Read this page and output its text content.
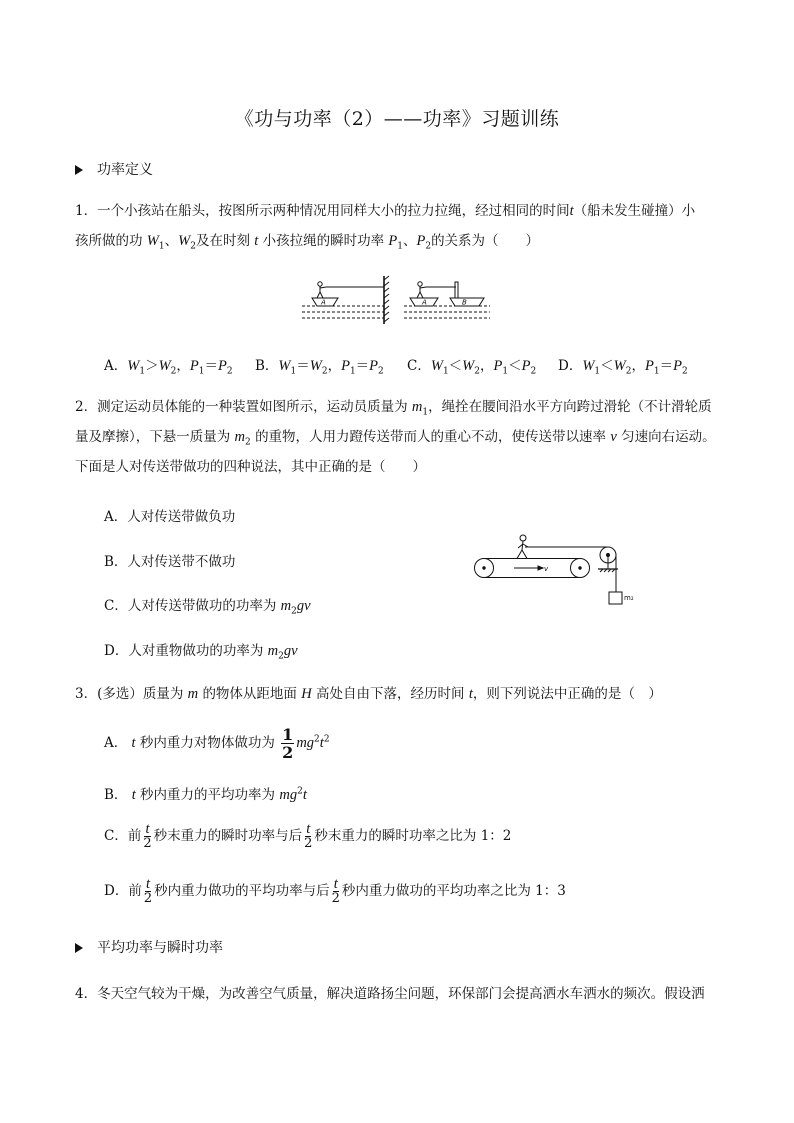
《功与功率（2）——功率》习题训练
功率定义
1．一个小孩站在船头，按图所示两种情况用同样大小的拉力拉绳，经过相同的时间t（船未发生碰撞）小
孩所做的功 $W_1$、$W_2$及在时刻 t 小孩拉绳的瞬时功率 $P_1$、$P_2$的关系为（　　）
A	A	B
A．$W_1>W_2$，$P_1=P_2$ B．$W_1=W_2$，$P_1=P_2$ C．$W_1<W_2$，$P_1<P_2$ D．$W_1<W_2$，$P_1=P_2$
2．测定运动员体能的一种装置如图所示，运动员质量为 $m_1$，绳拴在腰间沿水平方向跨过滑轮（不计滑轮质
量及摩擦），下悬一质量为 $m_2$ 的重物，人用力蹬传送带而人的重心不动，使传送带以速率 v 匀速向右运动。
下面是人对传送带做功的四种说法，其中正确的是（　　）
A．人对传送带做负功
B．人对传送带不做功
C．人对传送带做功的功率为 $m_2gv$
D．人对重物做功的功率为 $m_2gv$
v
m₂
3．(多选）质量为 m 的物体从距地面 H 高处自由下落，经历时间 t，则下列说法中正确的是（　）
A． t 秒内重力对物体做功为 $\frac{1}{2} mg^2t^2$
B． t 秒内重力的平均功率为 $mg^2t$
C．前 $\frac{t}{2}$ 秒末重力的瞬时功率与后 $\frac{t}{2}$ 秒末重力的瞬时功率之比为 1：2
D．前 $\frac{t}{2}$ 秒内重力做功的平均功率与后 $\frac{t}{2}$ 秒内重力做功的平均功率之比为 1：3
平均功率与瞬时功率
4．冬天空气较为干燥，为改善空气质量，解决道路扬尘问题，环保部门会提高洒水车洒水的频次。假设洒
